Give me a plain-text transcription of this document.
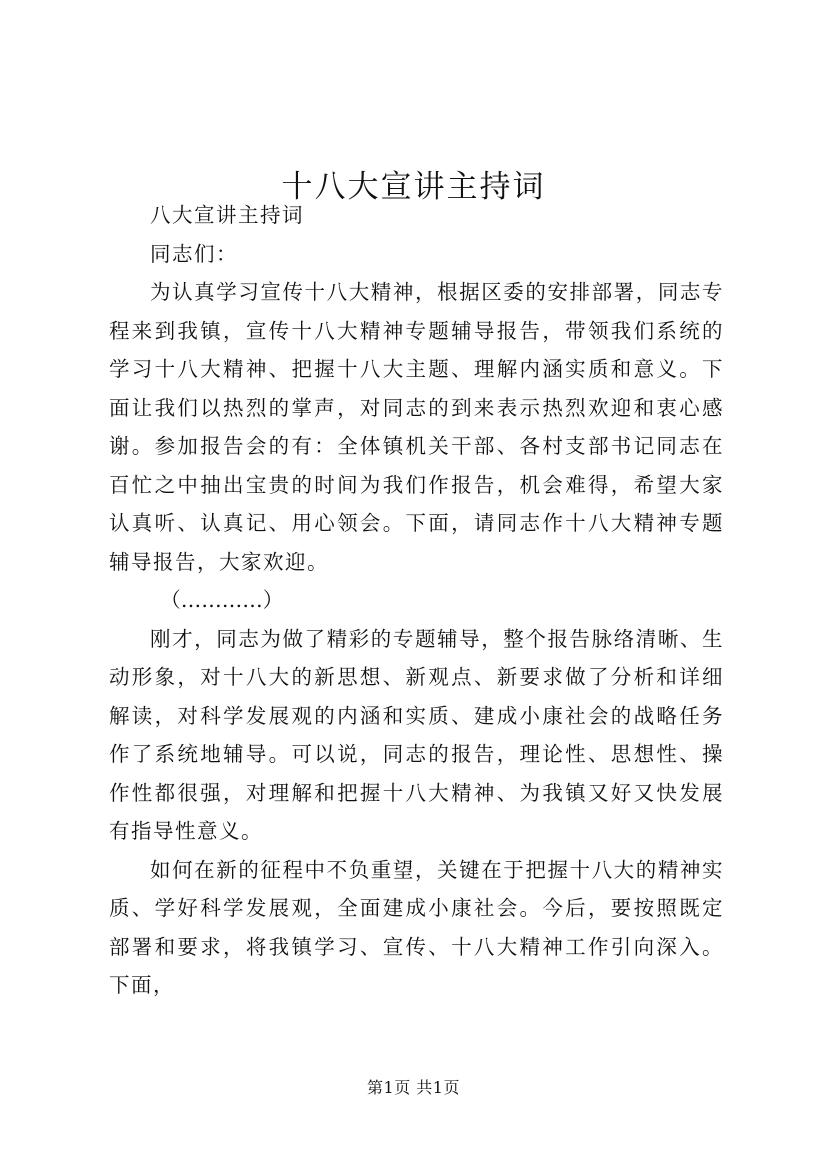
十八大宣讲主持词

八大宣讲主持词

同志们：

为认真学习宣传十八大精神，根据区委的安排部署，同志专程来到我镇，宣传十八大精神专题辅导报告，带领我们系统的学习十八大精神、把握十八大主题、理解内涵实质和意义。下面让我们以热烈的掌声，对同志的到来表示热烈欢迎和衷心感谢。参加报告会的有：全体镇机关干部、各村支部书记同志在百忙之中抽出宝贵的时间为我们作报告，机会难得，希望大家认真听、认真记、用心领会。下面，请同志作十八大精神专题辅导报告，大家欢迎。

（…………）

刚才，同志为做了精彩的专题辅导，整个报告脉络清晰、生动形象，对十八大的新思想、新观点、新要求做了分析和详细解读，对科学发展观的内涵和实质、建成小康社会的战略任务作了系统地辅导。可以说，同志的报告，理论性、思想性、操作性都很强，对理解和把握十八大精神、为我镇又好又快发展有指导性意义。

如何在新的征程中不负重望，关键在于把握十八大的精神实质、学好科学发展观，全面建成小康社会。今后，要按照既定部署和要求，将我镇学习、宣传、十八大精神工作引向深入。下面，

第1页 共1页
